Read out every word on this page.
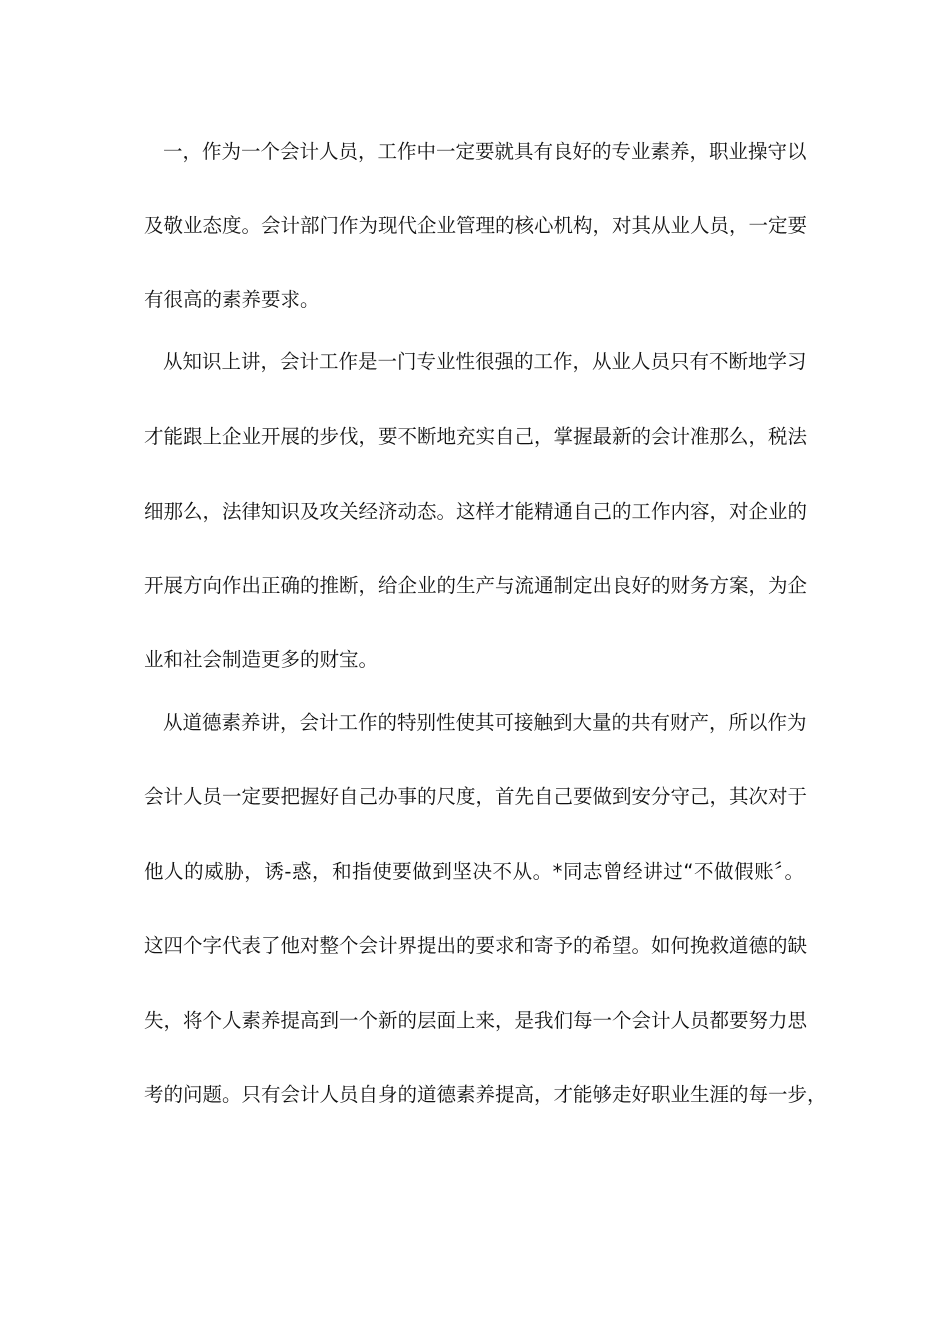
一，作为一个会计人员，工作中一定要就具有良好的专业素养，职业操守以
及敬业态度。会计部门作为现代企业管理的核心机构，对其从业人员，一定要
有很高的素养要求。
从知识上讲，会计工作是一门专业性很强的工作，从业人员只有不断地学习
才能跟上企业开展的步伐，要不断地充实自己，掌握最新的会计准那么，税法
细那么，法律知识及攻关经济动态。这样才能精通自己的工作内容，对企业的
开展方向作出正确的推断，给企业的生产与流通制定出良好的财务方案，为企
业和社会制造更多的财宝。
从道德素养讲，会计工作的特别性使其可接触到大量的共有财产，所以作为
会计人员一定要把握好自己办事的尺度，首先自己要做到安分守己，其次对于
他人的威胁，诱-惑，和指使要做到坚决不从。*同志曾经讲过“不做假账〞。
这四个字代表了他对整个会计界提出的要求和寄予的希望。如何挽救道德的缺
失，将个人素养提高到一个新的层面上来，是我们每一个会计人员都要努力思
考的问题。只有会计人员自身的道德素养提高，才能够走好职业生涯的每一步，
